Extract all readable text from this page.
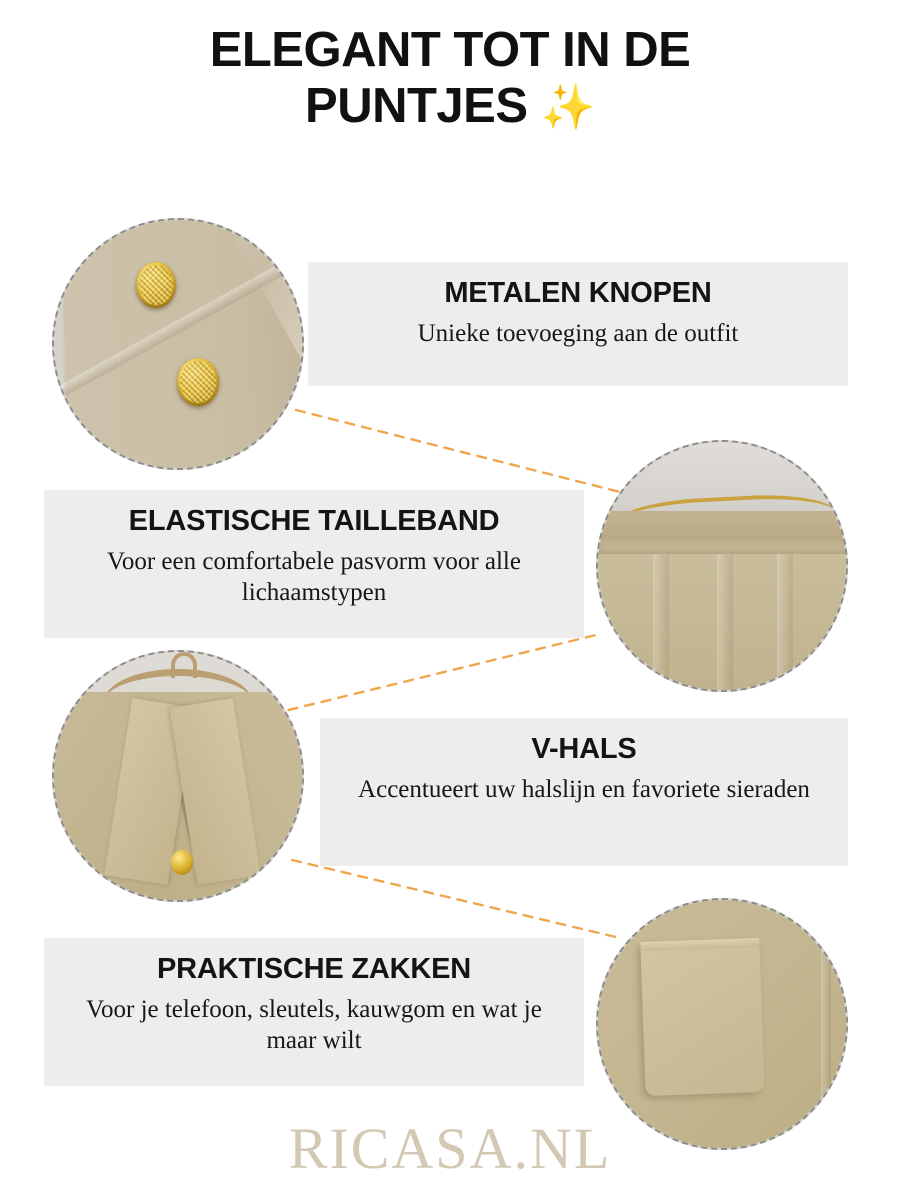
ELEGANT TOT IN DE
PUNTJES ✨
METALEN KNOPEN

Unieke toevoeging aan de outfit

ELASTISCHE TAILLEBAND

Voor een comfortabele pasvorm voor alle lichaamstypen

V-HALS

Accentueert uw halslijn en favoriete sieraden

PRAKTISCHE ZAKKEN

Voor je telefoon, sleutels, kauwgom en wat je maar wilt

RICASA.NL
